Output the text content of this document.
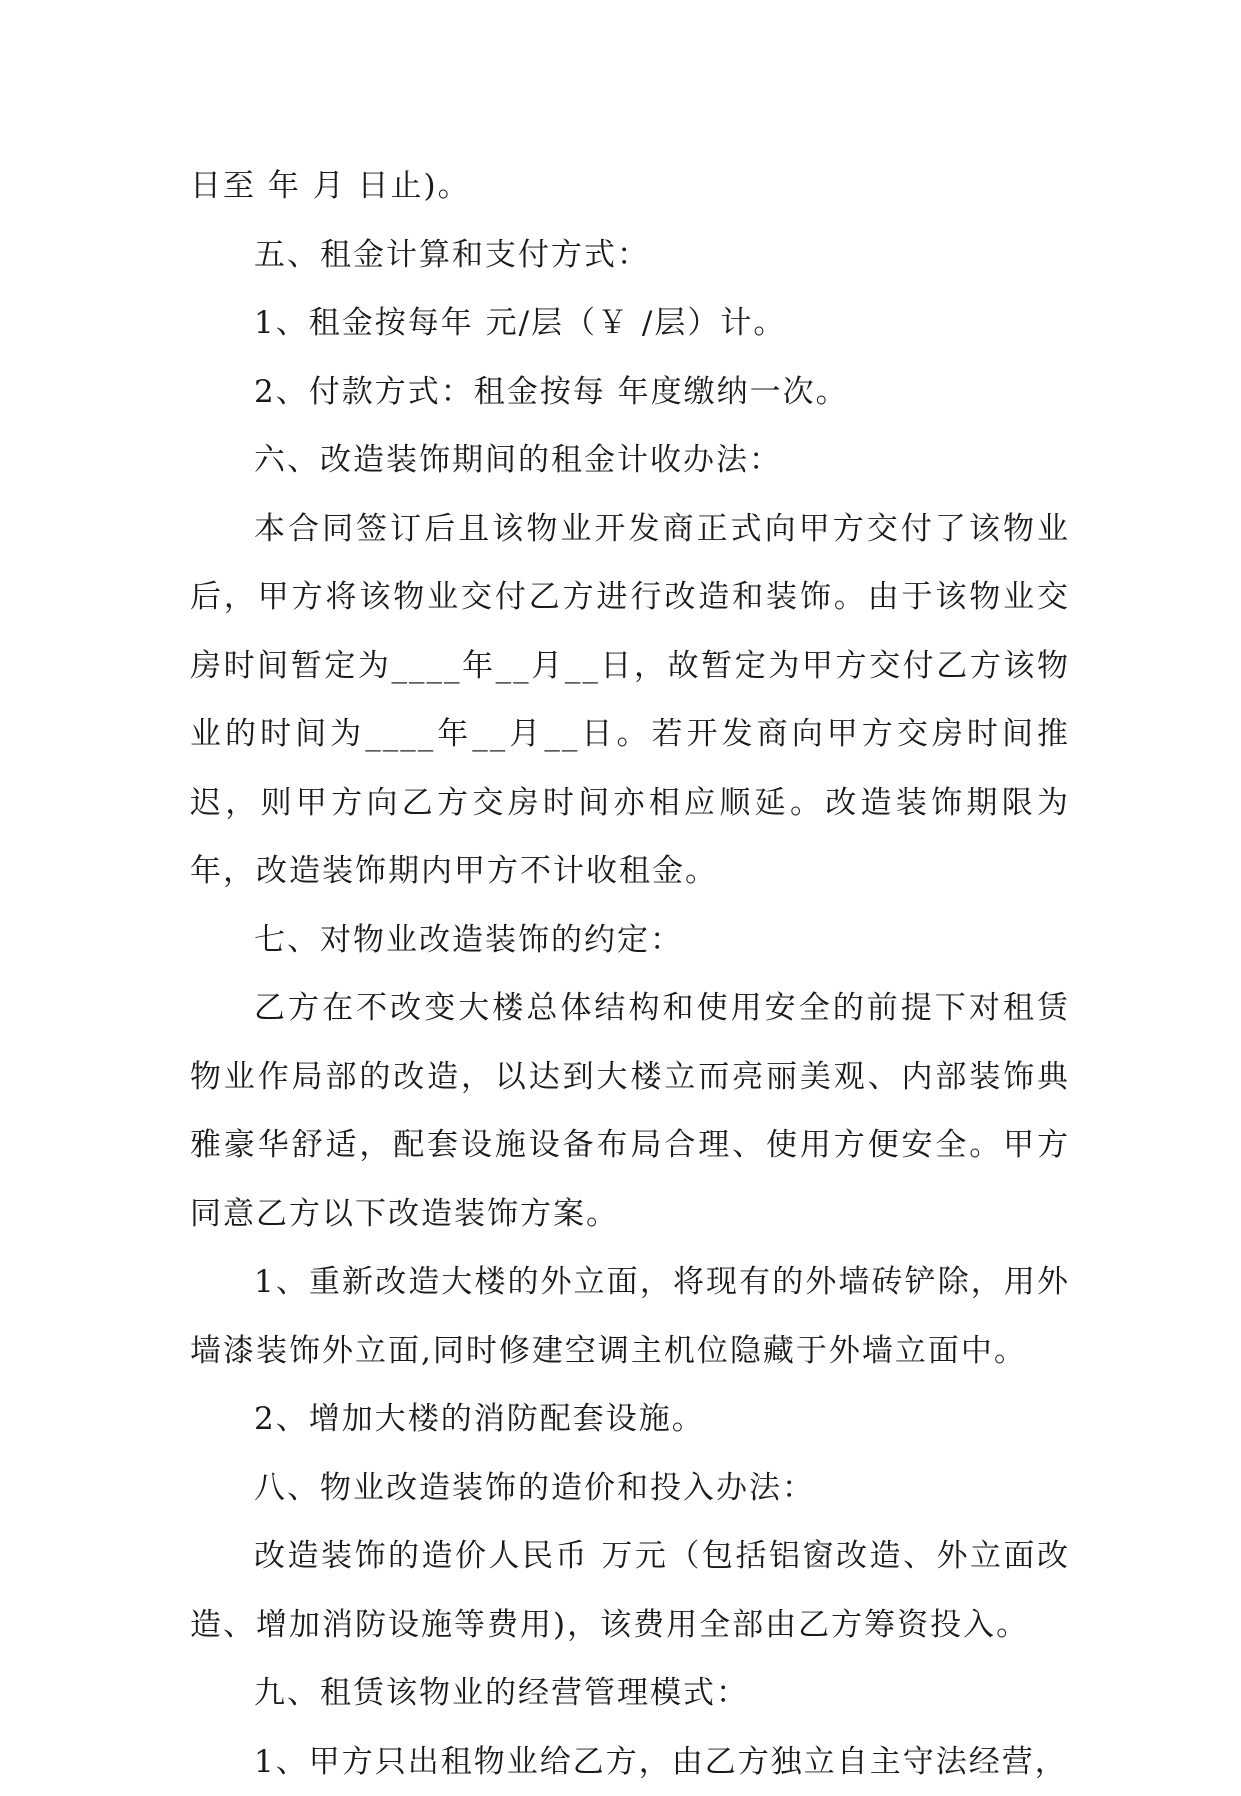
日至 年 月 日止)。

五、租金计算和支付方式：

1、租金按每年 元/层（￥ /层）计。

2、付款方式：租金按每 年度缴纳一次。

六、改造装饰期间的租金计收办法：

本合同签订后且该物业开发商正式向甲方交付了该物业后，甲方将该物业交付乙方进行改造和装饰。由于该物业交房时间暂定为____年__月__日，故暂定为甲方交付乙方该物业的时间为____年__月__日。若开发商向甲方交房时间推迟，则甲方向乙方交房时间亦相应顺延。改造装饰期限为年，改造装饰期内甲方不计收租金。

七、对物业改造装饰的约定：

乙方在不改变大楼总体结构和使用安全的前提下对租赁物业作局部的改造，以达到大楼立而亮丽美观、内部装饰典雅豪华舒适，配套设施设备布局合理、使用方便安全。甲方同意乙方以下改造装饰方案。

1、重新改造大楼的外立面，将现有的外墙砖铲除，用外墙漆装饰外立面,同时修建空调主机位隐藏于外墙立面中。

2、增加大楼的消防配套设施。

八、物业改造装饰的造价和投入办法：

改造装饰的造价人民币 万元（包括铝窗改造、外立面改造、增加消防设施等费用)，该费用全部由乙方筹资投入。

九、租赁该物业的经营管理模式：

1、甲方只出租物业给乙方，由乙方独立自主守法经营，
